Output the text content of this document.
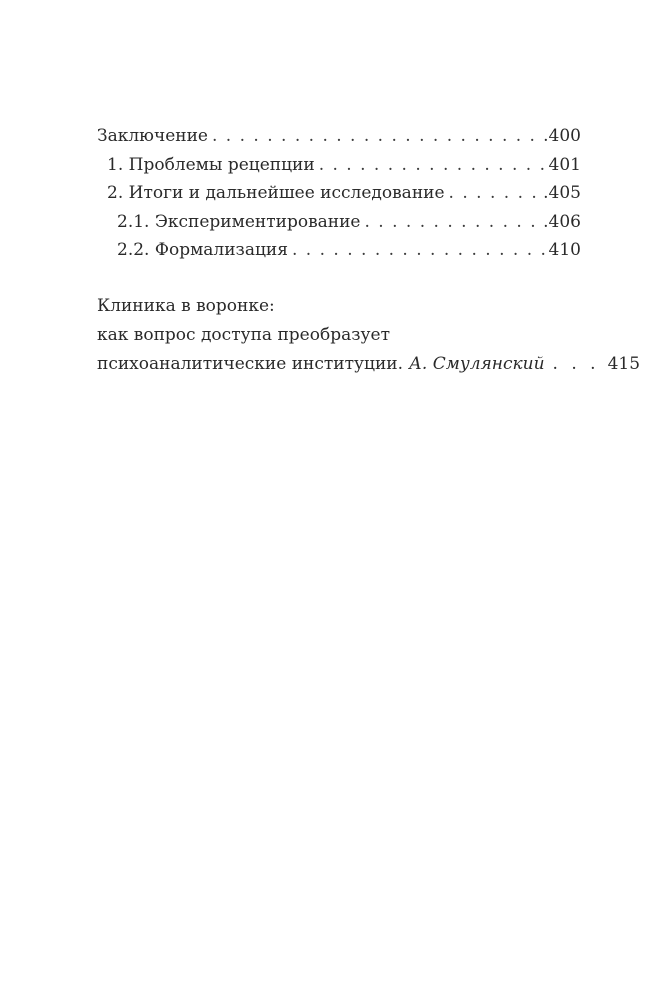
Заключение . . .	.400
1. Проблемы рецепции . . .	401
2. Итоги и дальнейшее исследование . . .	.405
2.1. Экспериментирование . . .	.406
2.2. Формализация . . .	410
Клиника в воронке:
как вопрос доступа преобразует
психоаналитические институции. А. Смулянский . . . 415
